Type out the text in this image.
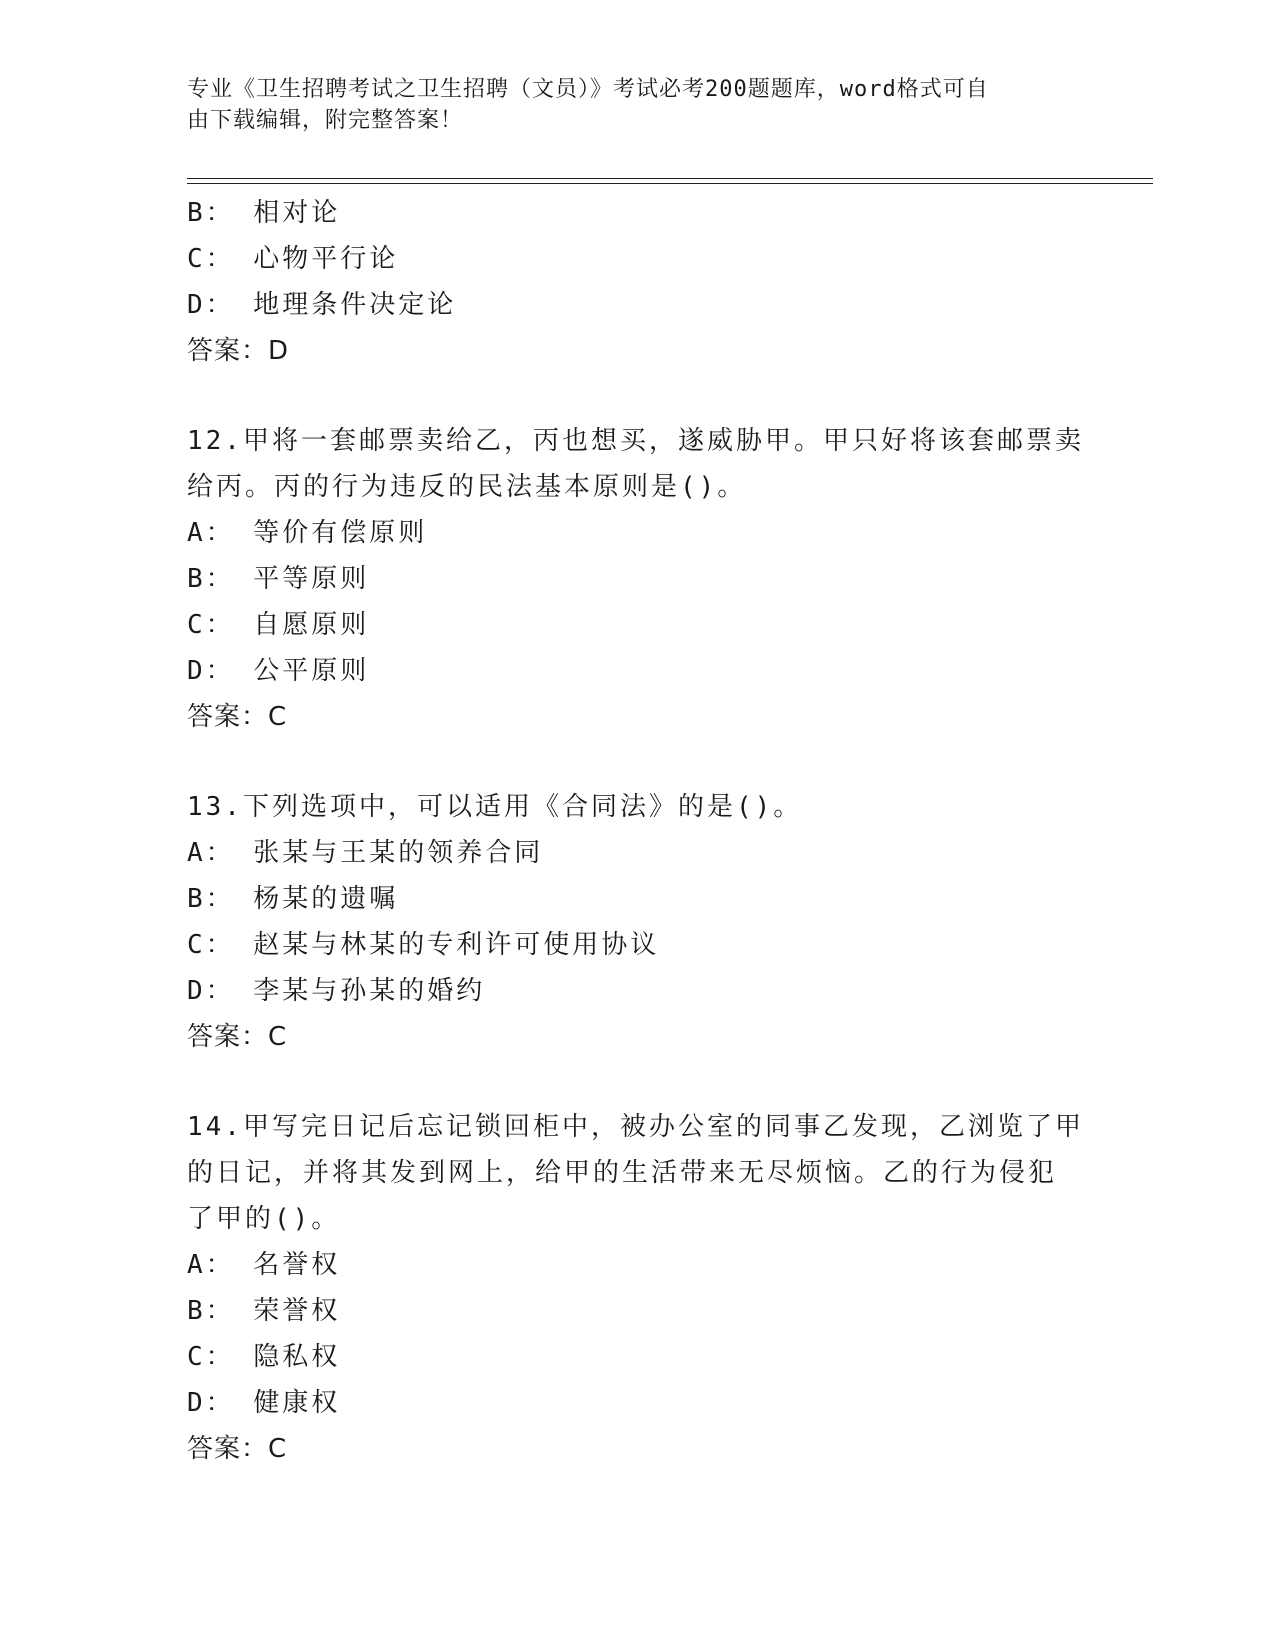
专业《卫生招聘考试之卫生招聘（文员）》考试必考200题题库，word格式可自
由下载编辑，附完整答案！
B： 相对论
C： 心物平行论
D： 地理条件决定论
答案：D
12.甲将一套邮票卖给乙，丙也想买，遂威胁甲。甲只好将该套邮票卖
给丙。丙的行为违反的民法基本原则是()。
A： 等价有偿原则
B： 平等原则
C： 自愿原则
D： 公平原则
答案：C
13.下列选项中，可以适用《合同法》的是()。
A： 张某与王某的领养合同
B： 杨某的遗嘱
C： 赵某与林某的专利许可使用协议
D： 李某与孙某的婚约
答案：C
14.甲写完日记后忘记锁回柜中，被办公室的同事乙发现，乙浏览了甲
的日记，并将其发到网上，给甲的生活带来无尽烦恼。乙的行为侵犯
了甲的()。
A： 名誉权
B： 荣誉权
C： 隐私权
D： 健康权
答案：C
